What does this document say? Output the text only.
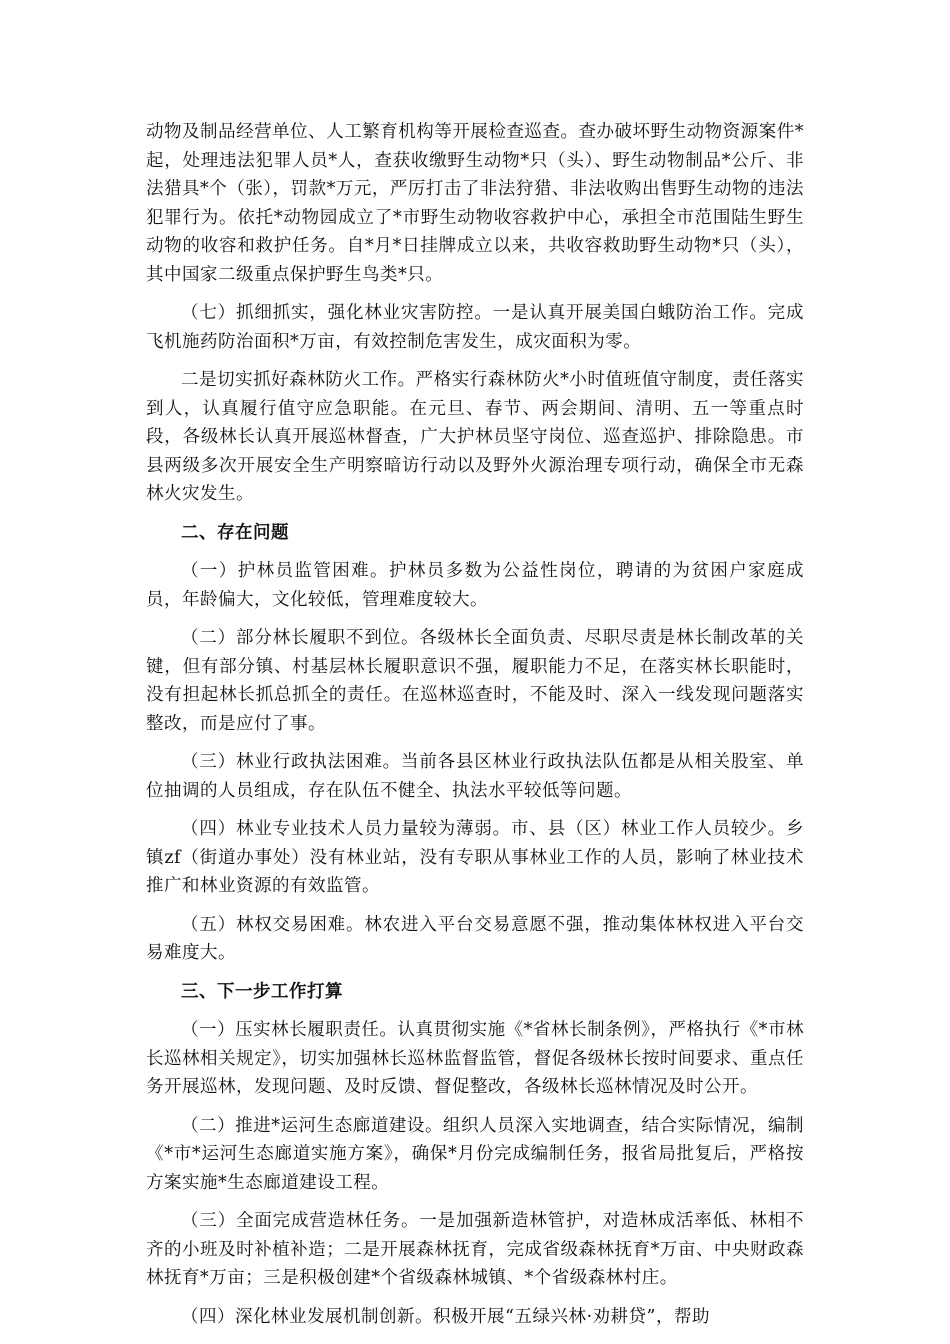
动物及制品经营单位、人工繁育机构等开展检查巡查。查办破坏野生动物资源案件*起，处理违法犯罪人员*人，查获收缴野生动物*只（头）、野生动物制品*公斤、非法猎具*个（张），罚款*万元，严厉打击了非法狩猎、非法收购出售野生动物的违法犯罪行为。依托*动物园成立了*市野生动物收容救护中心，承担全市范围陆生野生动物的收容和救护任务。自*月*日挂牌成立以来，共收容救助野生动物*只（头），其中国家二级重点保护野生鸟类*只。

（七）抓细抓实，强化林业灾害防控。一是认真开展美国白蛾防治工作。完成飞机施药防治面积*万亩，有效控制危害发生，成灾面积为零。

二是切实抓好森林防火工作。严格实行森林防火*小时值班值守制度，责任落实到人，认真履行值守应急职能。在元旦、春节、两会期间、清明、五一等重点时段，各级林长认真开展巡林督查，广大护林员坚守岗位、巡查巡护、排除隐患。市县两级多次开展安全生产明察暗访行动以及野外火源治理专项行动，确保全市无森林火灾发生。

二、存在问题

（一）护林员监管困难。护林员多数为公益性岗位，聘请的为贫困户家庭成员，年龄偏大，文化较低，管理难度较大。

（二）部分林长履职不到位。各级林长全面负责、尽职尽责是林长制改革的关键，但有部分镇、村基层林长履职意识不强，履职能力不足，在落实林长职能时，没有担起林长抓总抓全的责任。在巡林巡查时，不能及时、深入一线发现问题落实整改，而是应付了事。

（三）林业行政执法困难。当前各县区林业行政执法队伍都是从相关股室、单位抽调的人员组成，存在队伍不健全、执法水平较低等问题。

（四）林业专业技术人员力量较为薄弱。市、县（区）林业工作人员较少。乡镇zf（街道办事处）没有林业站，没有专职从事林业工作的人员，影响了林业技术推广和林业资源的有效监管。

（五）林权交易困难。林农进入平台交易意愿不强，推动集体林权进入平台交易难度大。

三、下一步工作打算

（一）压实林长履职责任。认真贯彻实施《*省林长制条例》，严格执行《*市林长巡林相关规定》，切实加强林长巡林监督监管，督促各级林长按时间要求、重点任务开展巡林，发现问题、及时反馈、督促整改，各级林长巡林情况及时公开。

（二）推进*运河生态廊道建设。组织人员深入实地调查，结合实际情况，编制《*市*运河生态廊道实施方案》，确保*月份完成编制任务，报省局批复后，严格按方案实施*生态廊道建设工程。

（三）全面完成营造林任务。一是加强新造林管护，对造林成活率低、林相不齐的小班及时补植补造；二是开展森林抚育，完成省级森林抚育*万亩、中央财政森林抚育*万亩；三是积极创建*个省级森林城镇、*个省级森林村庄。

（四）深化林业发展机制创新。积极开展“五绿兴林·劝耕贷”，帮助
